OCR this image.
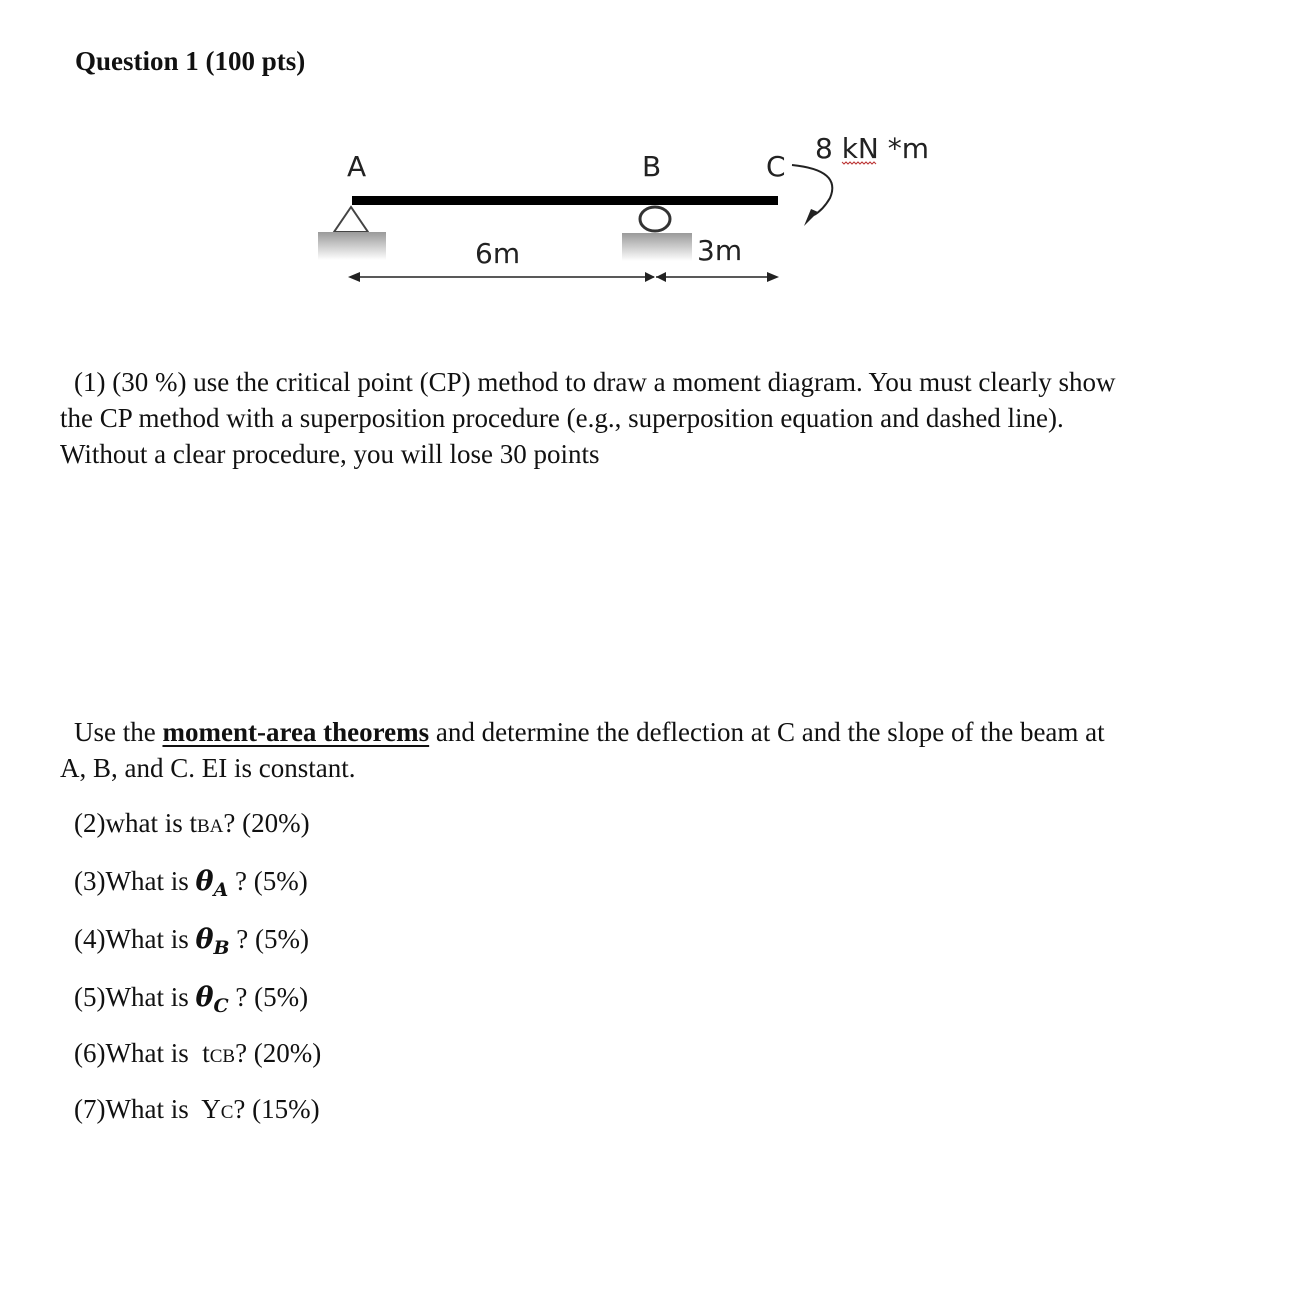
Question 1 (100 pts)
A	B	C
8 kN *m
6m	3m
(1) (30 %) use the critical point (CP) method to draw a moment diagram. You must clearly show
the CP method with a superposition procedure (e.g., superposition equation and dashed line).
Without a clear procedure, you will lose 30 points
Use the moment-area theorems and determine the deflection at C and the slope of the beam at
A, B, and C. EI is constant.
(2)what is tBA? (20%)
(3)What is $\theta_A$ ? (5%)
(4)What is $\theta_B$ ? (5%)
(5)What is $\theta_C$ ? (5%)
(6)What is  tCB? (20%)
(7)What is  YC? (15%)
